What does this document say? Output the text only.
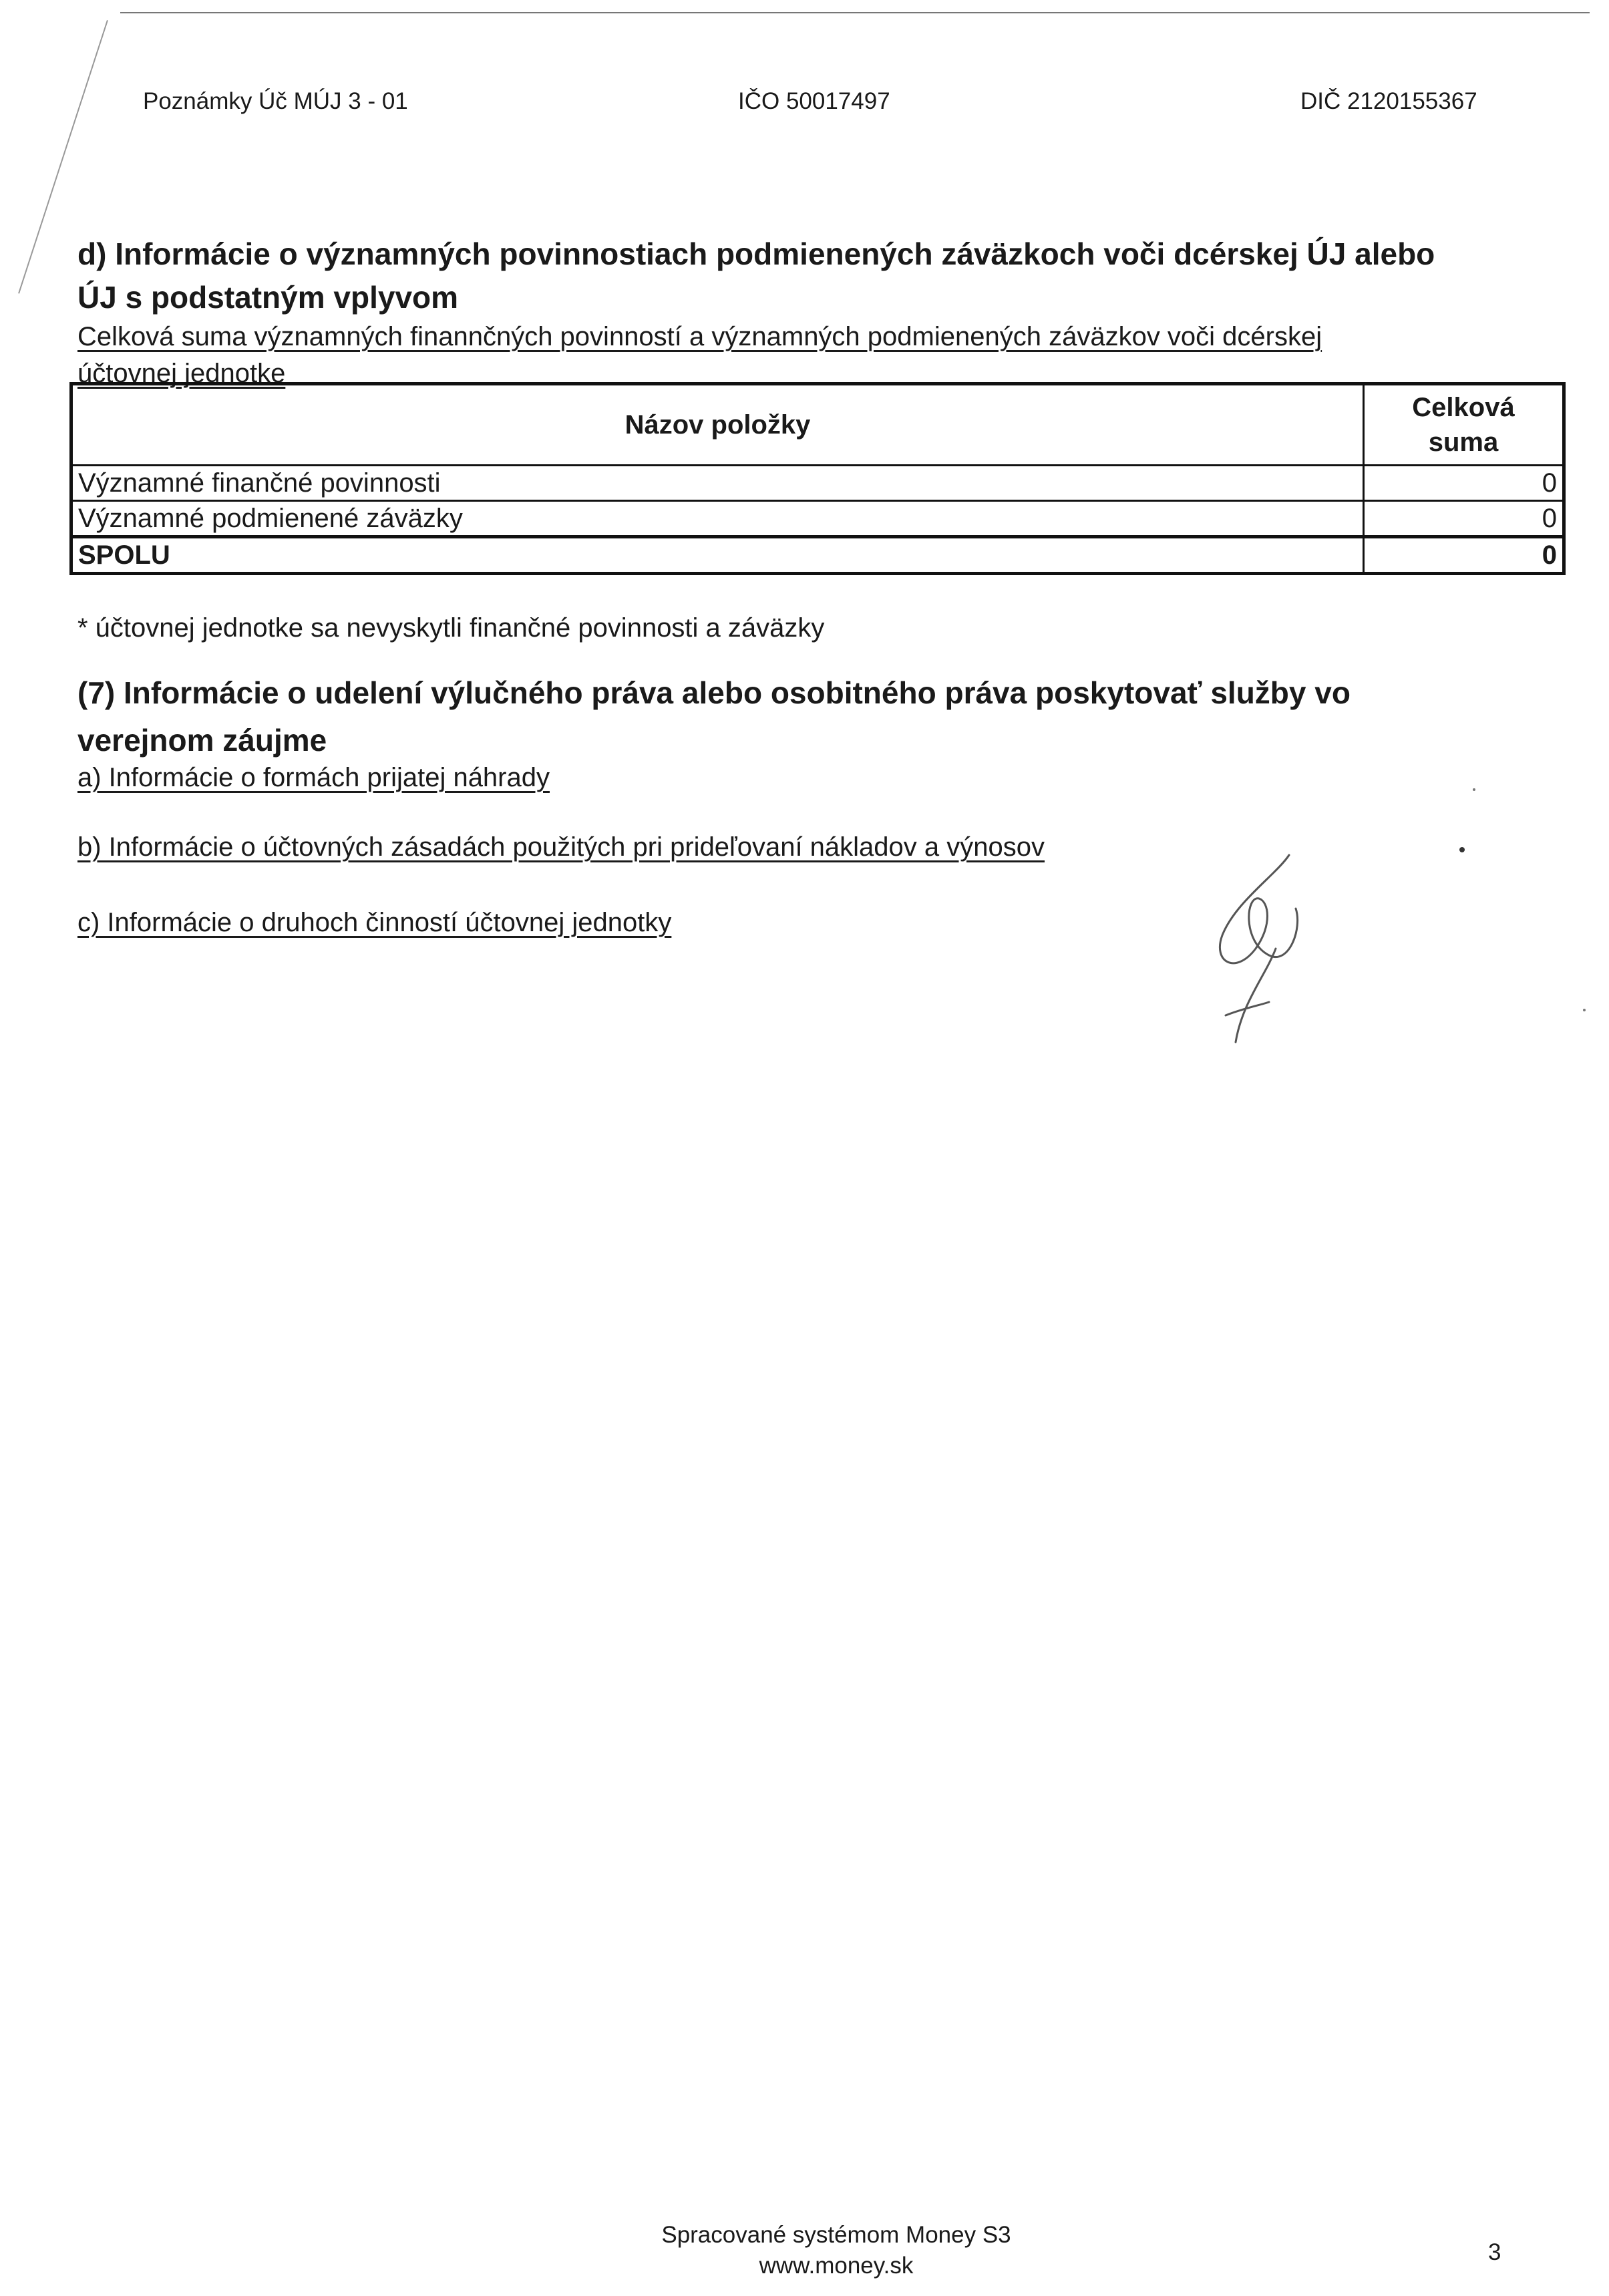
Poznámky Úč MÚJ 3 - 01	IČO 50017497	DIČ 2120155367
d) Informácie o významných povinnostiach podmienených záväzkoch voči dcérskej ÚJ alebo
ÚJ s podstatným vplyvom
Celková suma významných finannčných povinností a významných podmienených záväzkov voči dcérskej
účtovnej jednotke
Názov položky	Celková
suma
Významné finančné povinnosti	0
Významné podmienené záväzky	0
SPOLU	0
* účtovnej jednotke sa nevyskytli finančné povinnosti a záväzky
(7) Informácie o udelení výlučného práva alebo osobitného práva poskytovať služby vo
verejnom záujme
a) Informácie o formách prijatej náhrady
b) Informácie o účtovných zásadách použitých pri prideľovaní nákladov a výnosov
c) Informácie o druhoch činností účtovnej jednotky
Spracované systémom Money S3
www.money.sk
3
